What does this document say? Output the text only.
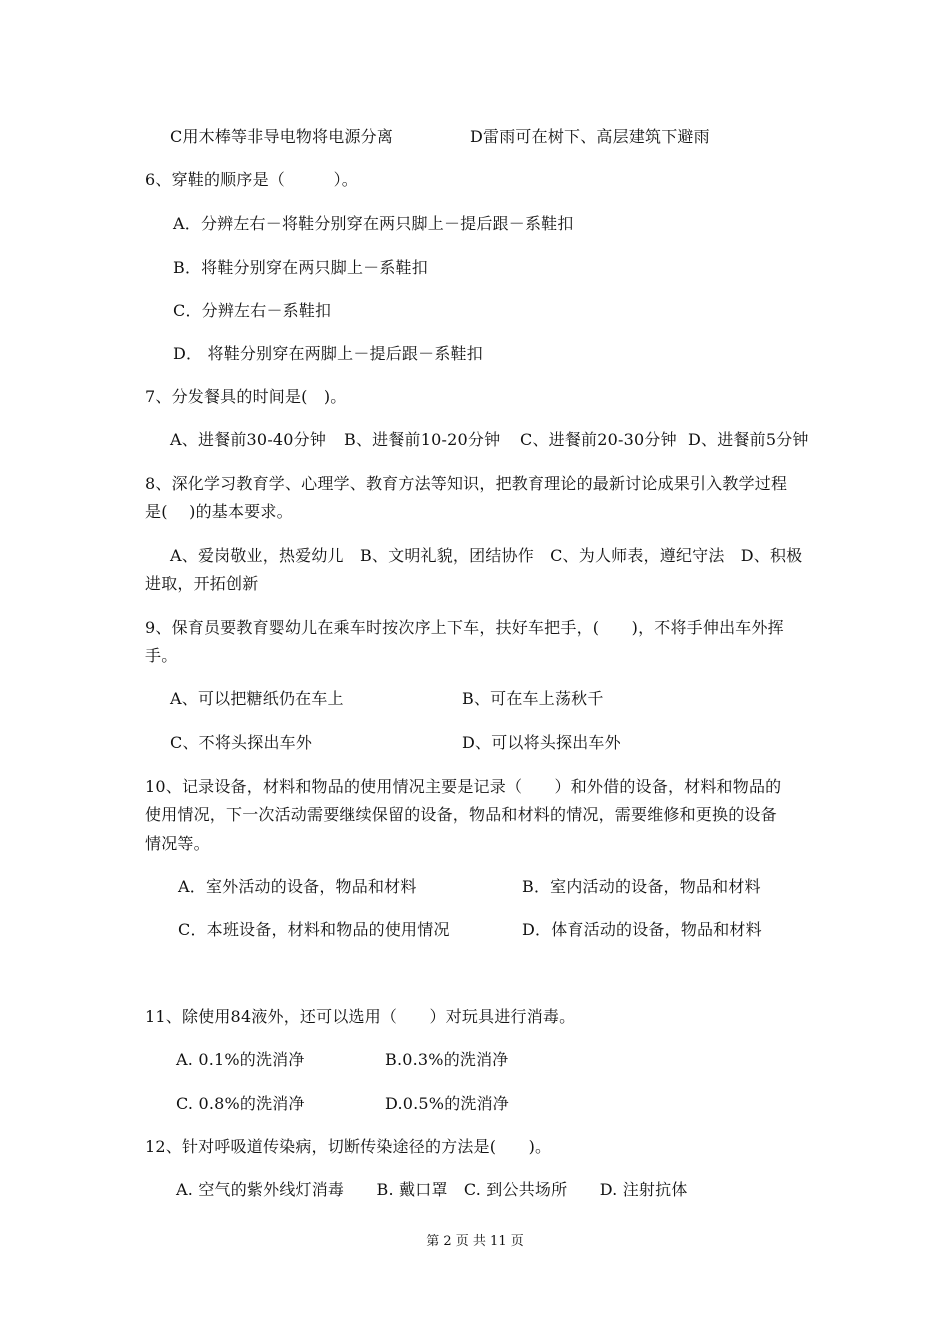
C用木棒等非导电物将电源分离	D雷雨可在树下、高层建筑下避雨
6、穿鞋的顺序是（　　　）。
A．分辨左右－将鞋分别穿在两只脚上－提后跟－系鞋扣
B．将鞋分别穿在两只脚上－系鞋扣
C．分辨左右－系鞋扣
D． 将鞋分别穿在两脚上－提后跟－系鞋扣
7、分发餐具的时间是(　)。
A、进餐前30-40分钟 B、进餐前10-20分钟 C、进餐前20-30分钟 D、进餐前5分钟
8、深化学习教育学、心理学、教育方法等知识，把教育理论的最新讨论成果引入教学过程
是(　 )的基本要求。
A、爱岗敬业，热爱幼儿　B、文明礼貌，团结协作　C、为人师表，遵纪守法　D、积极
进取，开拓创新
9、保育员要教育婴幼儿在乘车时按次序上下车，扶好车把手，(　　)，不将手伸出车外挥
手。
A、可以把糖纸仍在车上	B、可在车上荡秋千
C、不将头探出车外	D、可以将头探出车外
10、记录设备，材料和物品的使用情况主要是记录（　　）和外借的设备，材料和物品的
使用情况，下一次活动需要继续保留的设备，物品和材料的情况，需要维修和更换的设备
情况等。
A．室外活动的设备，物品和材料	B．室内活动的设备，物品和材料
C．本班设备，材料和物品的使用情况	D．体育活动的设备，物品和材料
11、除使用84液外，还可以选用（　　）对玩具进行消毒。
A. 0.1%的洗消净	B.0.3%的洗消净
C. 0.8%的洗消净	D.0.5%的洗消净
12、针对呼吸道传染病，切断传染途径的方法是(　　)。
A. 空气的紫外线灯消毒　　B. 戴口罩　C. 到公共场所　　D. 注射抗体
第 2 页 共 11 页
